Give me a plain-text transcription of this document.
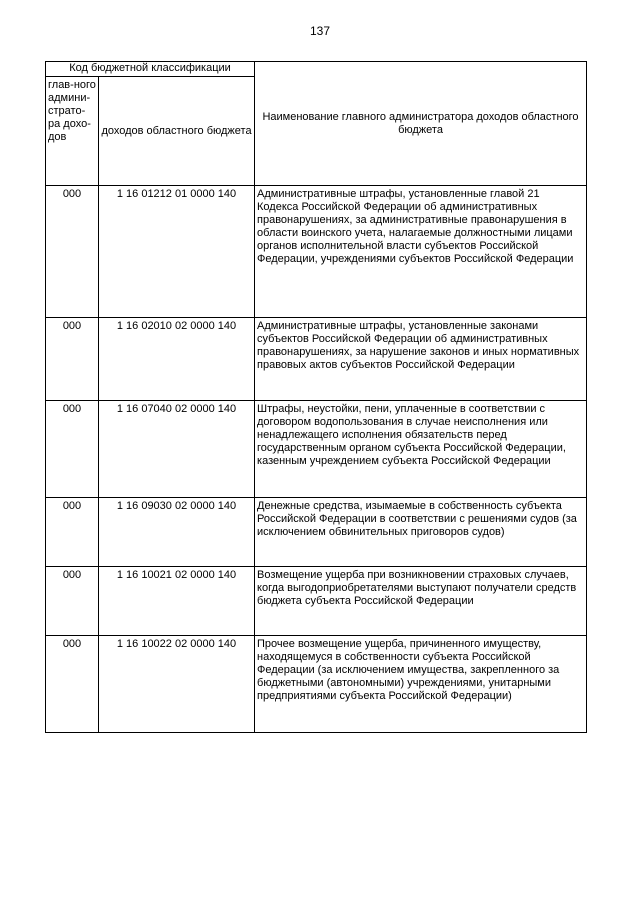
137
Код бюджетной классификации		Наименование главного администратора доходов областного бюджета
глав-ного админи-страто-ра дохо-дов	доходов областного бюджета	
000	1 16 01212 01 0000 140	Административные штрафы, установленные главой 21 Кодекса Российской Федерации об административных правонарушениях, за административные правонарушения в области воинского учета, налагаемые должностными лицами органов исполнительной власти субъектов Российской Федерации, учреждениями субъектов Российской Федерации
000	1 16 02010 02 0000 140	Административные штрафы, установленные законами субъектов Российской Федерации об административных правонарушениях, за нарушение законов и иных нормативных правовых актов субъектов Российской Федерации
000	1 16 07040 02 0000 140	Штрафы, неустойки, пени, уплаченные в соответствии с договором водопользования в случае неисполнения или ненадлежащего исполнения обязательств перед государственным органом субъекта Российской Федерации, казенным учреждением субъекта Российской Федерации
000	1 16 09030 02 0000 140	Денежные средства, изымаемые в собственность субъекта Российской Федерации в соответствии с решениями судов (за исключением обвинительных приговоров судов)
000	1 16 10021 02 0000 140	Возмещение ущерба при возникновении страховых случаев, когда выгодоприобретателями выступают получатели средств бюджета субъекта Российской Федерации
000	1 16 10022 02 0000 140	Прочее возмещение ущерба, причиненного имуществу, находящемуся в собственности субъекта Российской Федерации (за исключением имущества, закрепленного за бюджетными (автономными) учреждениями, унитарными предприятиями субъекта Российской Федерации)
